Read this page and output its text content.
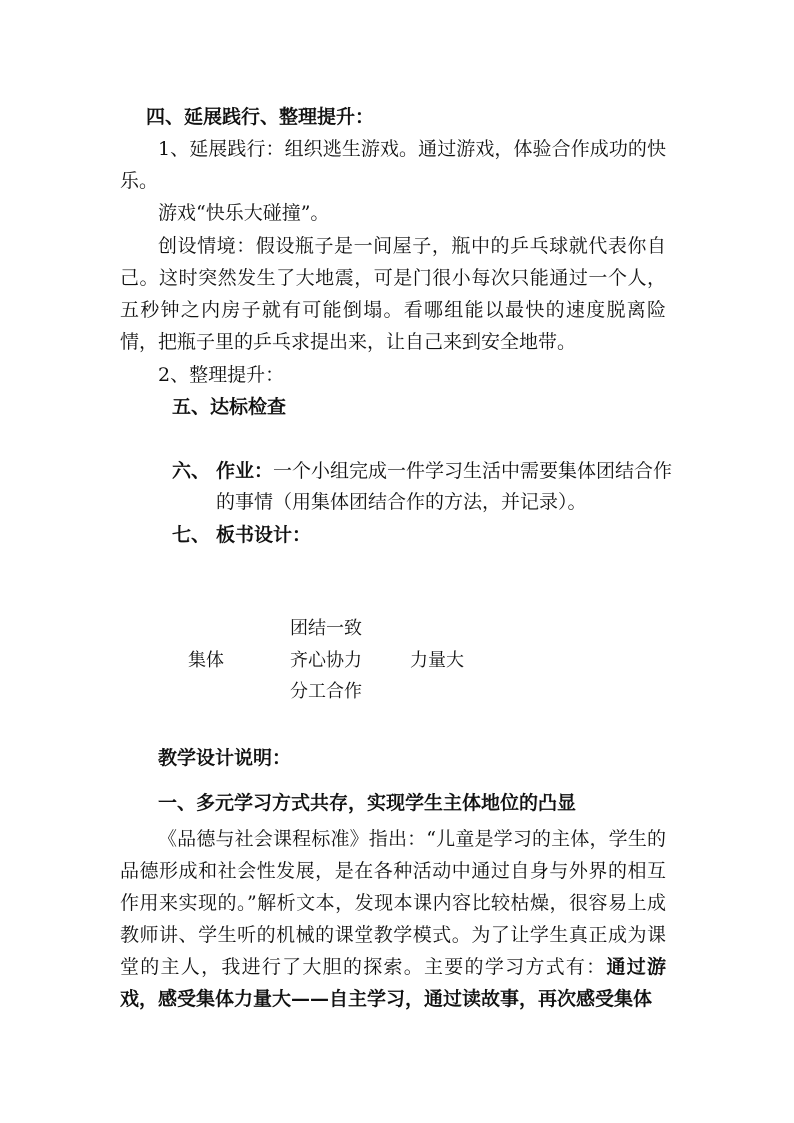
四、延展践行、整理提升：
1、延展践行：组织逃生游戏。通过游戏，体验合作成功的快乐。
游戏“快乐大碰撞”。
创设情境：假设瓶子是一间屋子，瓶中的乒乓球就代表你自己。这时突然发生了大地震，可是门很小每次只能通过一个人，五秒钟之内房子就有可能倒塌。看哪组能以最快的速度脱离险情，把瓶子里的乒乓求提出来，让自己来到安全地带。
2、整理提升：
五、达标检查
六、 作业：一个小组完成一件学习生活中需要集体团结合作
的事情（用集体团结合作的方法，并记录）。
七、 板书设计：
团结一致
集体	齐心协力	力量大
分工合作
教学设计说明：
一、多元学习方式共存，实现学生主体地位的凸显
《品德与社会课程标准》指出：“儿童是学习的主体，学生的品德形成和社会性发展，是在各种活动中通过自身与外界的相互作用来实现的。”解析文本，发现本课内容比较枯燥，很容易上成教师讲、学生听的机械的课堂教学模式。为了让学生真正成为课堂的主人，我进行了大胆的探索。主要的学习方式有：通过游戏，感受集体力量大——自主学习，通过读故事，再次感受集体
